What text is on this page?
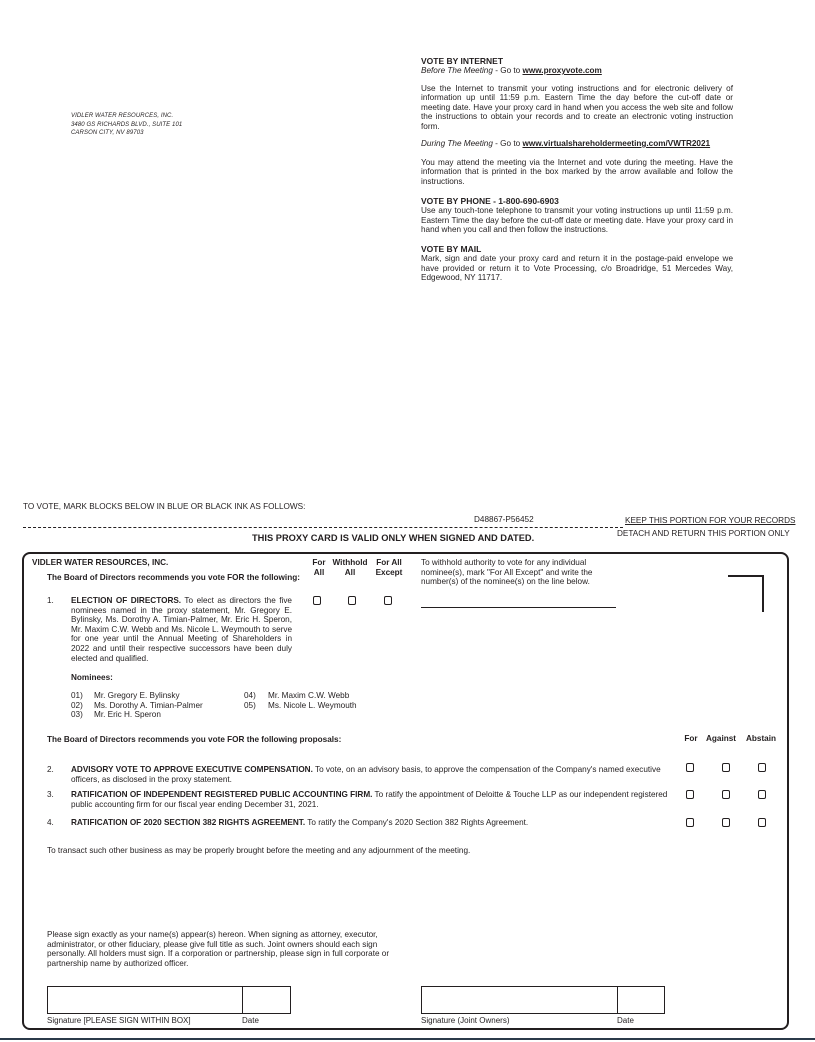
VIDLER WATER RESOURCES, INC.
3480 GS RICHARDS BLVD., SUITE 101
CARSON CITY, NV 89703
VOTE BY INTERNET
Before The Meeting - Go to www.proxyvote.com
Use the Internet to transmit your voting instructions and for electronic delivery of information up until 11:59 p.m. Eastern Time the day before the cut-off date or meeting date. Have your proxy card in hand when you access the web site and follow the instructions to obtain your records and to create an electronic voting instruction form.
During The Meeting - Go to www.virtualshareholdermeeting.com/VWTR2021
You may attend the meeting via the Internet and vote during the meeting. Have the information that is printed in the box marked by the arrow available and follow the instructions.
VOTE BY PHONE - 1-800-690-6903
Use any touch-tone telephone to transmit your voting instructions up until 11:59 p.m. Eastern Time the day before the cut-off date or meeting date. Have your proxy card in hand when you call and then follow the instructions.
VOTE BY MAIL
Mark, sign and date your proxy card and return it in the postage-paid envelope we have provided or return it to Vote Processing, c/o Broadridge, 51 Mercedes Way, Edgewood, NY 11717.
TO VOTE, MARK BLOCKS BELOW IN BLUE OR BLACK INK AS FOLLOWS:
D48867-P56452	KEEP THIS PORTION FOR YOUR RECORDS
THIS PROXY CARD IS VALID ONLY WHEN SIGNED AND DATED.	DETACH AND RETURN THIS PORTION ONLY
VIDLER WATER RESOURCES, INC.
The Board of Directors recommends you vote FOR the following:
For All
Withhold All
For All Except
To withhold authority to vote for any individual nominee(s), mark "For All Except" and write the number(s) of the nominee(s) on the line below.
1. ELECTION OF DIRECTORS. To elect as directors the five nominees named in the proxy statement, Mr. Gregory E. Bylinsky, Ms. Dorothy A. Timian-Palmer, Mr. Eric H. Speron, Mr. Maxim C.W. Webb and Ms. Nicole L. Weymouth to serve for one year until the Annual Meeting of Shareholders in 2022 and until their respective successors have been duly elected and qualified.
Nominees:
01) Mr. Gregory E. Bylinsky
02) Ms. Dorothy A. Timian-Palmer
03) Mr. Eric H. Speron
04) Mr. Maxim C.W. Webb
05) Ms. Nicole L. Weymouth
The Board of Directors recommends you vote FOR the following proposals:	For	Against	Abstain
2. ADVISORY VOTE TO APPROVE EXECUTIVE COMPENSATION. To vote, on an advisory basis, to approve the compensation of the Company's named executive officers, as disclosed in the proxy statement.
3. RATIFICATION OF INDEPENDENT REGISTERED PUBLIC ACCOUNTING FIRM. To ratify the appointment of Deloitte & Touche LLP as our independent registered public accounting firm for our fiscal year ending December 31, 2021.
4. RATIFICATION OF 2020 SECTION 382 RIGHTS AGREEMENT. To ratify the Company's 2020 Section 382 Rights Agreement.
To transact such other business as may be properly brought before the meeting and any adjournment of the meeting.
Please sign exactly as your name(s) appear(s) hereon. When signing as attorney, executor, administrator, or other fiduciary, please give full title as such. Joint owners should each sign personally. All holders must sign. If a corporation or partnership, please sign in full corporate or partnership name by authorized officer.
Signature [PLEASE SIGN WITHIN BOX]	Date	Signature (Joint Owners)	Date
